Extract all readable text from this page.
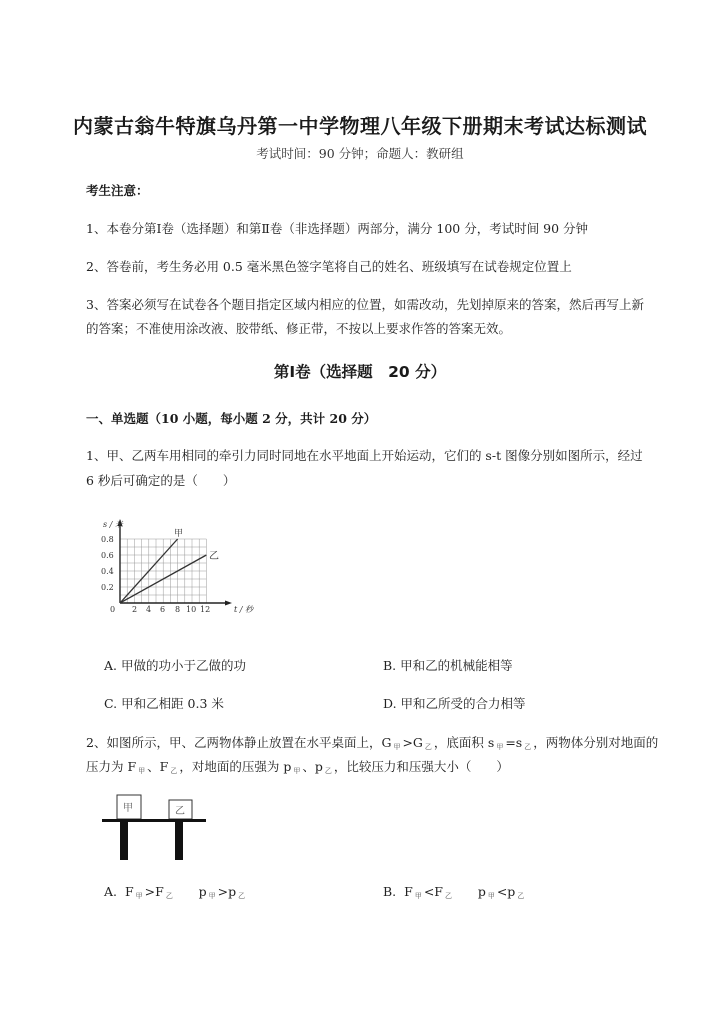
内蒙古翁牛特旗乌丹第一中学物理八年级下册期末考试达标测试
考试时间：90 分钟；命题人：教研组
考生注意：
1、本卷分第Ⅰ卷（选择题）和第Ⅱ卷（非选择题）两部分，满分 100 分，考试时间 90 分钟
2、答卷前，考生务必用 0.5 毫米黑色签字笔将自己的姓名、班级填写在试卷规定位置上
3、答案必须写在试卷各个题目指定区域内相应的位置，如需改动，先划掉原来的答案，然后再写上新
的答案；不准使用涂改液、胶带纸、修正带，不按以上要求作答的答案无效。
第Ⅰ卷（选择题　20 分）
一、单选题（10 小题，每小题 2 分，共计 20 分）
1、甲、乙两车用相同的牵引力同时同地在水平地面上开始运动，它们的 s-t 图像分别如图所示，经过
6 秒后可确定的是（　　）
s / 米
0.8
0.6
0.4
0.2
0 2 4 6 8 10 12	t / 秒
甲
乙
A. 甲做的功小于乙做的功	B. 甲和乙的机械能相等
C. 甲和乙相距 0.3 米	D. 甲和乙所受的合力相等
2、如图所示，甲、乙两物体静止放置在水平桌面上，G $_甲$ >G $_乙$ ，底面积 s $_甲$ =s $_乙$ ，两物体分别对地面的
压力为 F $_甲$ 、F $_乙$ ，对地面的压强为 p $_甲$ 、p $_乙$ ，比较压力和压强大小（　　）
甲	乙
A. F $_甲$ >F $_乙$ p $_甲$ >p $_乙$	B. F $_甲$ <F $_乙$ p $_甲$ <p $_乙$
